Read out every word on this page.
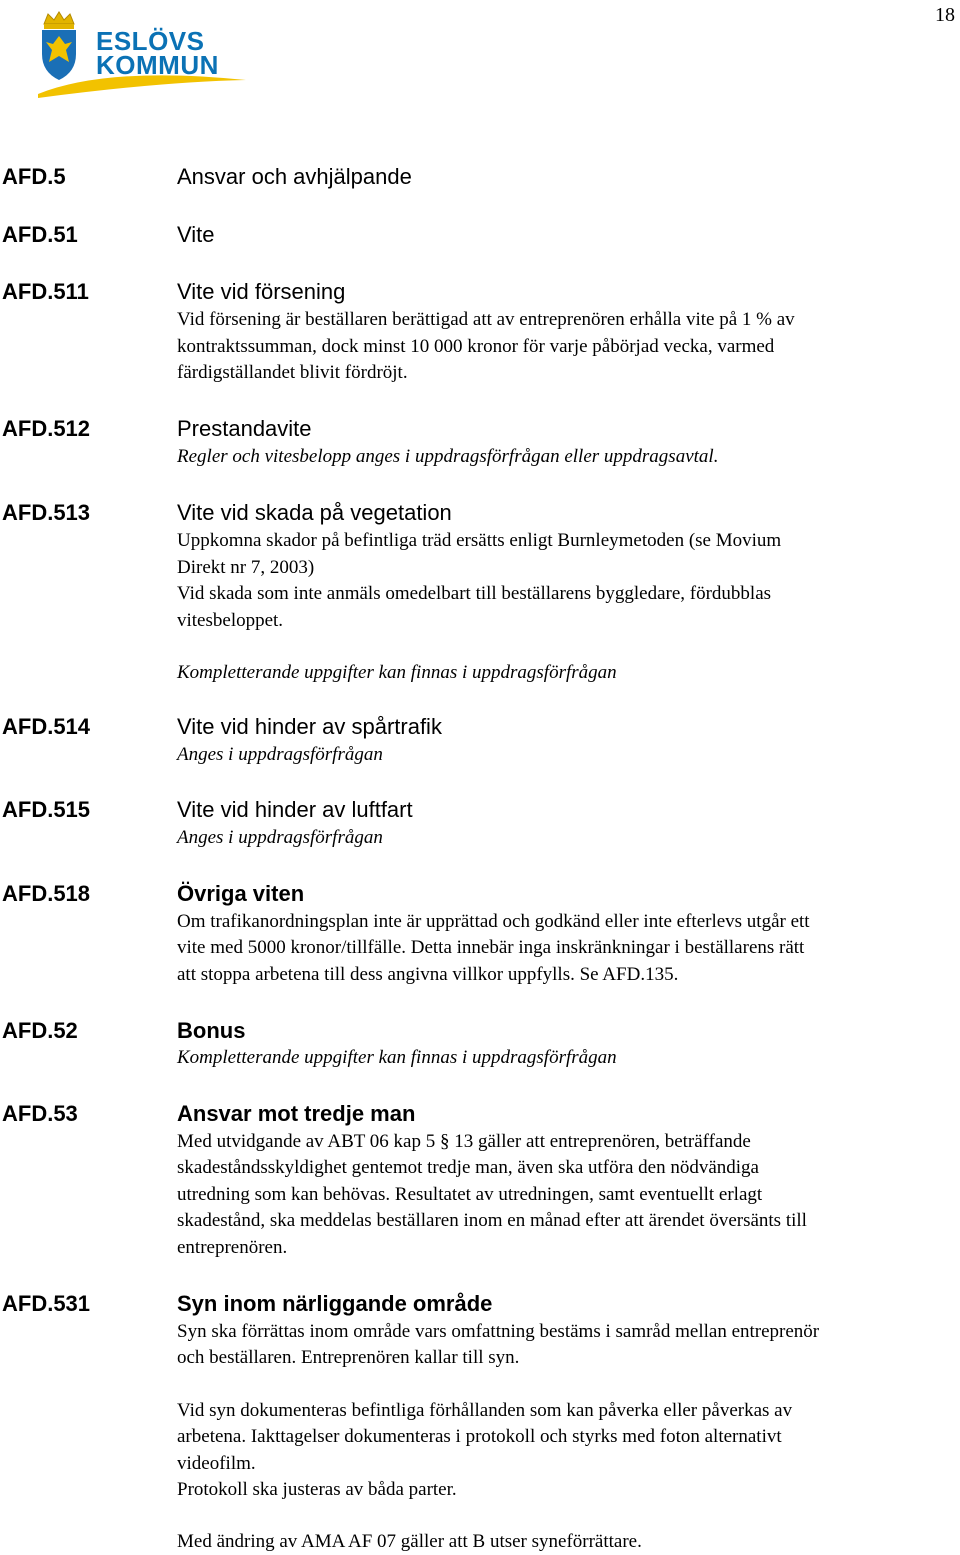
18
ESLÖVS
KOMMUN
AFD.5	Ansvar och avhjälpande
AFD.51	Vite
AFD.511	Vite vid försening
Vid försening är beställaren berättigad att av entreprenören erhålla vite på 1 % av
kontraktssumman, dock minst 10 000 kronor för varje påbörjad vecka, varmed
färdigställandet blivit fördröjt.
AFD.512	Prestandavite
Regler och vitesbelopp anges i uppdragsförfrågan eller uppdragsavtal.
AFD.513	Vite vid skada på vegetation
Uppkomna skador på befintliga träd ersätts enligt Burnleymetoden (se Movium
Direkt nr 7, 2003)
Vid skada som inte anmäls omedelbart till beställarens byggledare, fördubblas
vitesbeloppet.
Kompletterande uppgifter kan finnas i uppdragsförfrågan
AFD.514	Vite vid hinder av spårtrafik
Anges i uppdragsförfrågan
AFD.515	Vite vid hinder av luftfart
Anges i uppdragsförfrågan
AFD.518	Övriga viten
Om trafikanordningsplan inte är upprättad och godkänd eller inte efterlevs utgår ett
vite med 5000 kronor/tillfälle. Detta innebär inga inskränkningar i beställarens rätt
att stoppa arbetena till dess angivna villkor uppfylls. Se AFD.135.
AFD.52	Bonus
Kompletterande uppgifter kan finnas i uppdragsförfrågan
AFD.53	Ansvar mot tredje man
Med utvidgande av ABT 06 kap 5 § 13 gäller att entreprenören, beträffande
skadeståndsskyldighet gentemot tredje man, även ska utföra den nödvändiga
utredning som kan behövas. Resultatet av utredningen, samt eventuellt erlagt
skadestånd, ska meddelas beställaren inom en månad efter att ärendet översänts till
entreprenören.
AFD.531	Syn inom närliggande område
Syn ska förrättas inom område vars omfattning bestäms i samråd mellan entreprenör
och beställaren. Entreprenören kallar till syn.
Vid syn dokumenteras befintliga förhållanden som kan påverka eller påverkas av
arbetena. Iakttagelser dokumenteras i protokoll och styrks med foton alternativt
videofilm.
Protokoll ska justeras av båda parter.
Med ändring av AMA AF 07 gäller att B utser syneförrättare.
